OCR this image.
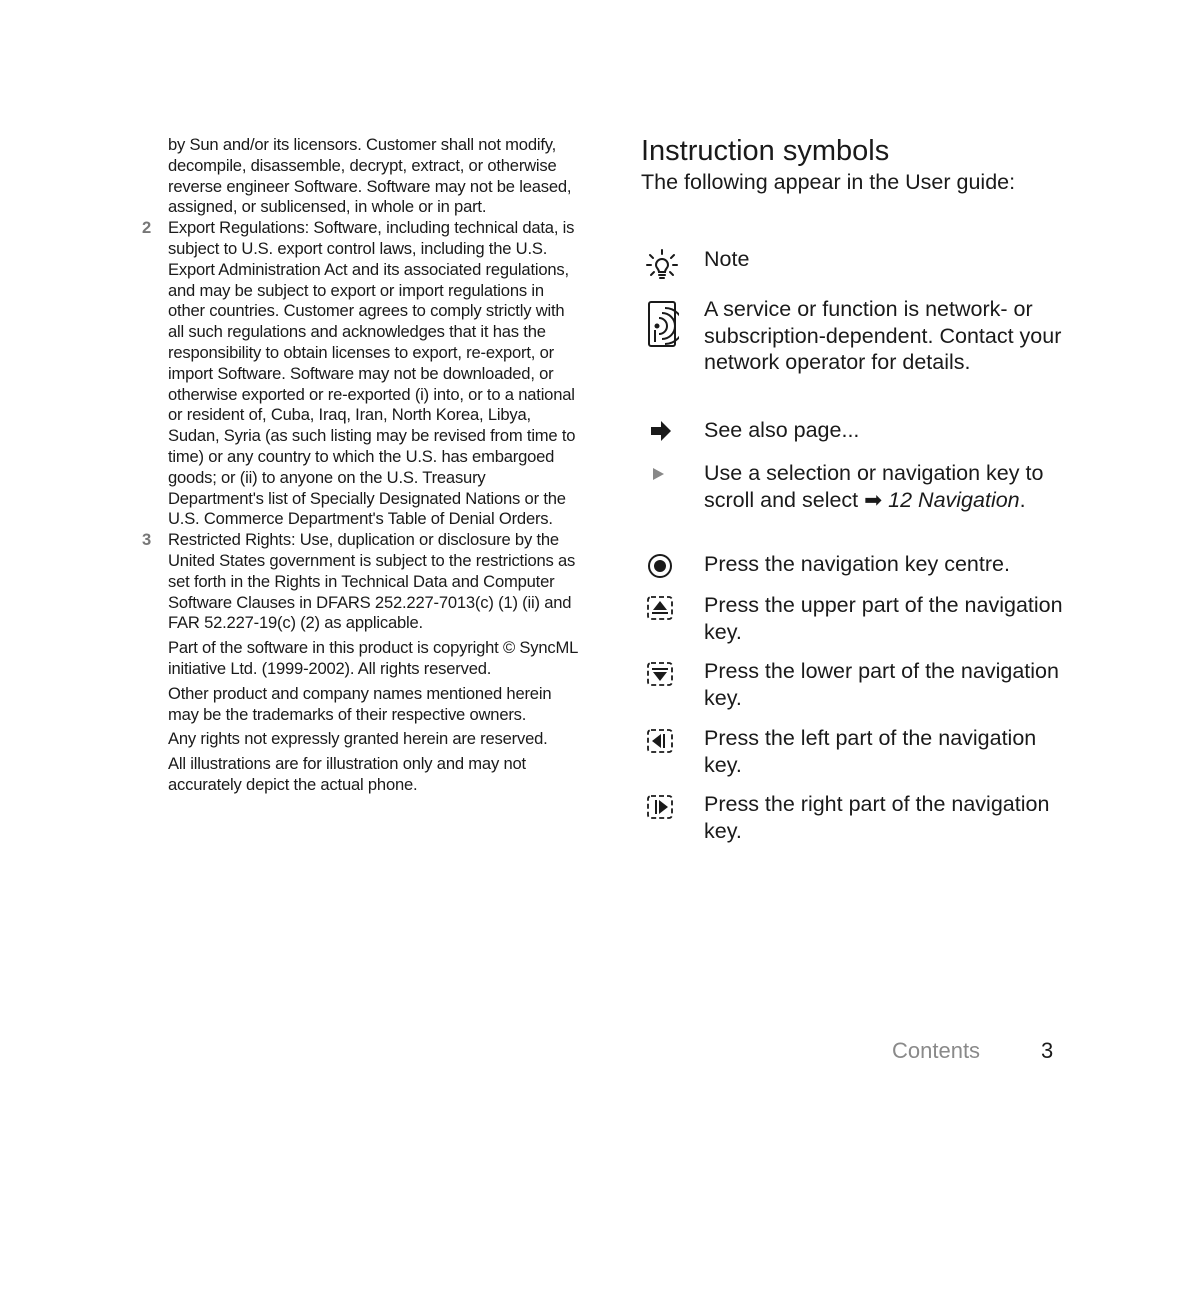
by Sun and/or its licensors. Customer shall not modify, decompile, disassemble, decrypt, extract, or otherwise reverse engineer Software. Software may not be leased, assigned, or sublicensed, in whole or in part.

2 Export Regulations: Software, including technical data, is subject to U.S. export control laws, including the U.S. Export Administration Act and its associated regulations, and may be subject to export or import regulations in other countries. Customer agrees to comply strictly with all such regulations and acknowledges that it has the responsibility to obtain licenses to export, re-export, or import Software. Software may not be downloaded, or otherwise exported or re-exported (i) into, or to a national or resident of, Cuba, Iraq, Iran, North Korea, Libya, Sudan, Syria (as such listing may be revised from time to time) or any country to which the U.S. has embargoed goods; or (ii) to anyone on the U.S. Treasury Department's list of Specially Designated Nations or the U.S. Commerce Department's Table of Denial Orders.

3 Restricted Rights: Use, duplication or disclosure by the United States government is subject to the restrictions as set forth in the Rights in Technical Data and Computer Software Clauses in DFARS 252.227-7013(c) (1) (ii) and FAR 52.227-19(c) (2) as applicable.

Part of the software in this product is copyright © SyncML initiative Ltd. (1999-2002). All rights reserved.

Other product and company names mentioned herein may be the trademarks of their respective owners.

Any rights not expressly granted herein are reserved.

All illustrations are for illustration only and may not accurately depict the actual phone.

Instruction symbols

The following appear in the User guide:

Note
A service or function is network- or subscription-dependent. Contact your network operator for details.
See also page...
Use a selection or navigation key to scroll and select ➡ 12 Navigation.
Press the navigation key centre.
Press the upper part of the navigation key.
Press the lower part of the navigation key.
Press the left part of the navigation key.
Press the right part of the navigation key.
Contents	3
